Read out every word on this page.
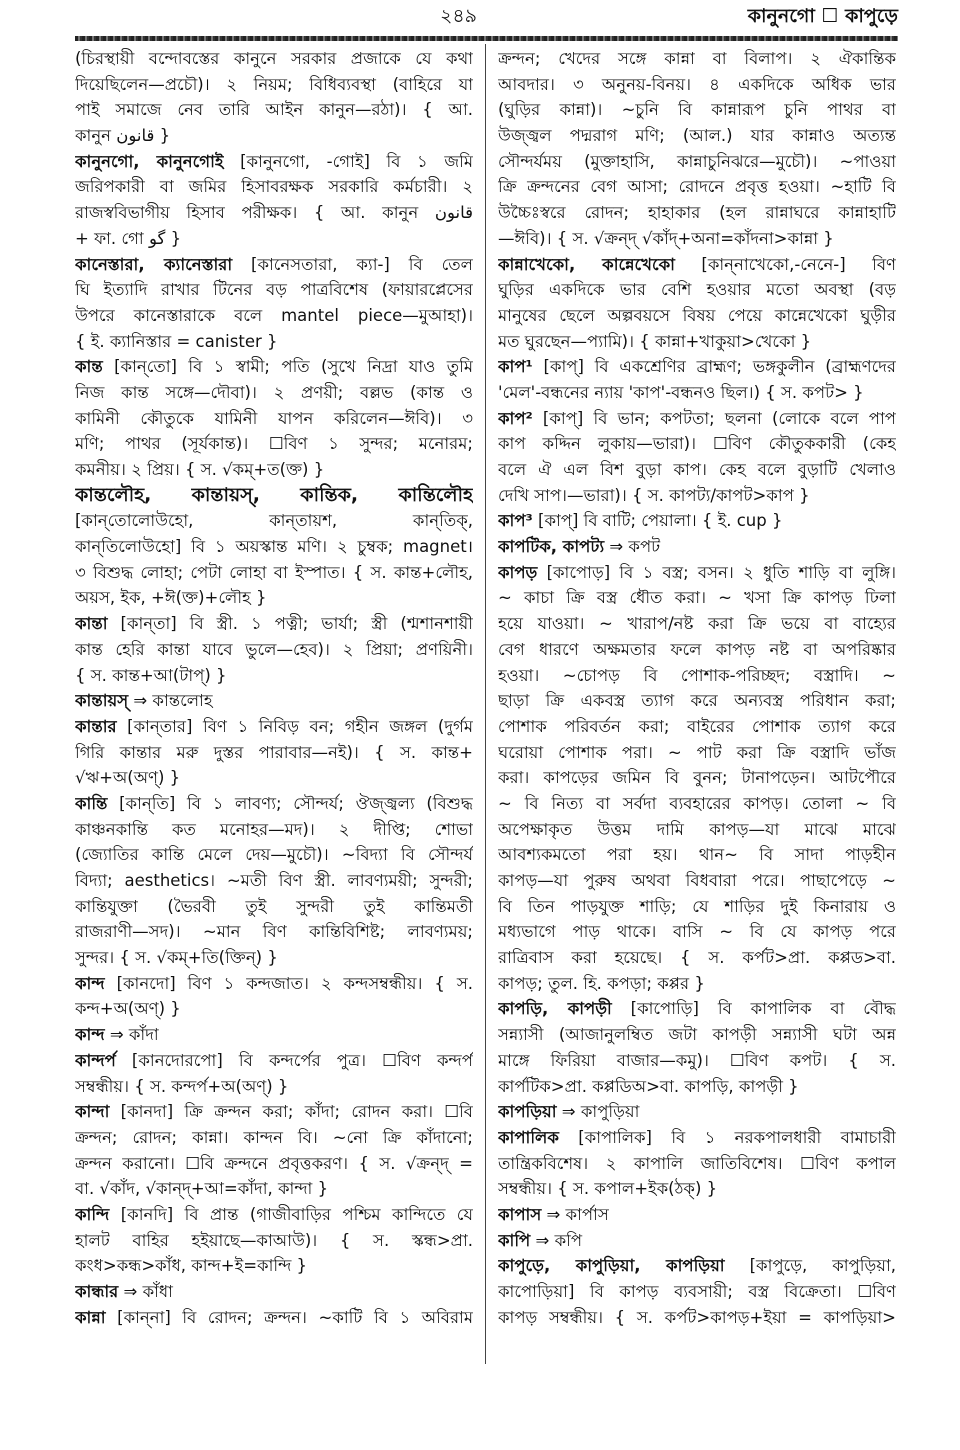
২৪৯	কানুনগো ☐ কাপুড়ে
(চিরস্থায়ী বন্দোবস্তের কানুনে সরকার প্রজাকে যে কথা
দিয়েছিলেন—প্রচৌ)। ২ নিয়ম; বিধিব্যবস্থা (বাহিরে যা
পাই সমাজে নেব তারি আইন কানুন—রঠা)। { আ.
কানুন قانون }
কানুনগো, কানুনগোই [কানুনগো, -গোই] বি ১ জমি
জরিপকারী বা জমির হিসাবরক্ষক সরকারি কর্মচারী। ২
রাজস্ববিভাগীয় হিসাব পরীক্ষক। { আ. কানুন قانون
+ ফা. গো گو }
কানেস্তারা, ক্যানেস্তারা [কানেসতারা, ক্যা-] বি তেল
ঘি ইত্যাদি রাখার টিনের বড় পাত্রবিশেষ (ফায়ারপ্লেসের
উপরে কানেস্তারাকে বলে mantel piece—মুআহা)।
{ ই. ক্যানিস্তার = canister }
কান্ত [কান্‌তো] বি ১ স্বামী; পতি (সুখে নিদ্রা যাও তুমি
নিজ কান্ত সঙ্গে—দৌবা)। ২ প্রণয়ী; বল্লভ (কান্ত ও
কামিনী কৌতুকে যামিনী যাপন করিলেন—ঈবি)। ৩
মণি; পাথর (সূর্যকান্ত)। ☐বিণ ১ সুন্দর; মনোরম;
কমনীয়। ২ প্রিয়। { স. √কম্‌+ত(ক্ত) }
কান্তলৌহ, কান্তায়স্‌, কান্তিক, কান্তিলৌহ
[কান্‌তোলোউহো, কান্‌তায়শ, কান্‌তিক্‌,
কান্‌তিলোউহো] বি ১ অয়স্কান্ত মণি। ২ চুম্বক; magnet।
৩ বিশুদ্ধ লোহা; পেটা লোহা বা ইস্পাত। { স. কান্ত+লৌহ,
অয়স, ইক, +ঈ(ক্ত)+লৌহ }
কান্তা [কান্‌তা] বি স্ত্রী. ১ পত্নী; ভার্যা; স্ত্রী (শ্মশানশায়ী
কান্ত হেরি কান্তা যাবে ভুলে—হেব)। ২ প্রিয়া; প্রণয়িনী।
{ স. কান্ত+আ(টাপ্‌) }
কান্তায়স্‌ ⇒ কান্তলোহ
কান্তার [কান্‌তার] বিণ ১ নিবিড় বন; গহীন জঙ্গল (দুর্গম
গিরি কান্তার মরু দুস্তর পারাবার—নই)। { স. কান্ত+
√ঋ+অ(অণ্‌) }
কান্তি [কান্‌তি] বি ১ লাবণ্য; সৌন্দর্য; ঔজ্জ্বল্য (বিশুদ্ধ
কাঞ্চনকান্তি কত মনোহর—মদ)। ২ দীপ্তি; শোভা
(জ্যোতির কান্তি মেলে দেয়—মুচৌ)। ~বিদ্যা বি সৌন্দর্য
বিদ্যা; aesthetics। ~মতী বিণ স্ত্রী. লাবণ্যময়ী; সুন্দরী;
কান্তিযুক্তা (ভৈরবী তুই সুন্দরী তুই কান্তিমতী
রাজরাণী—সদ)। ~মান বিণ কান্তিবিশিষ্ট; লাবণ্যময়;
সুন্দর। { স. √কম্‌+তি(ক্তিন্‌) }
কান্দ [কানদো] বিণ ১ কন্দজাত। ২ কন্দসম্বন্ধীয়। { স.
কন্দ+অ(অণ্‌) }
কান্দ ⇒ কাঁদা
কান্দর্প [কানদোরপো] বি কন্দর্পের পুত্র। ☐বিণ কন্দর্প
সম্বন্ধীয়। { স. কন্দর্প+অ(অণ্‌) }
কান্দা [কানদা] ক্রি ক্রন্দন করা; কাঁদা; রোদন করা। ☐বি
ক্রন্দন; রোদন; কান্না। কান্দন বি। ~নো ক্রি কাঁদানো;
ক্রন্দন করানো। ☐বি ক্রন্দনে প্রবৃত্তকরণ। { স. √ক্রন্দ্‌ =
বা. √কাঁদ, √কান্দ্‌+আ=কাঁদা, কান্দা }
কান্দি [কানদি] বি প্রান্ত (গাজীবাড়ির পশ্চিম কান্দিতে যে
হালট বাহির হইয়াছে—কাআউ)। { স. স্কন্ধ>প্রা.
কংধ>কন্ধ>কাঁধ, কান্দ+ই=কান্দি }
কান্ধার ⇒ কাঁধা
কান্না [কান্‌না] বি রোদন; ক্রন্দন। ~কাটি বি ১ অবিরাম
ক্রন্দন; খেদের সঙ্গে কান্না বা বিলাপ। ২ ঐকান্তিক
আবদার। ৩ অনুনয়-বিনয়। ৪ একদিকে অধিক ভার
(ঘুড়ির কান্না)। ~চুনি বি কান্নারূপ চুনি পাথর বা
উজ্জ্বল পদ্মরাগ মণি; (আল.) যার কান্নাও অত্যন্ত
সৌন্দর্যময় (মুক্তাহাসি, কান্নাচুনিঝরে—মুচৌ)। ~পাওয়া
ক্রি ক্রন্দনের বেগ আসা; রোদনে প্রবৃত্ত হওয়া। ~হাটি বি
উচ্চৈঃস্বরে রোদন; হাহাকার (হল রান্নাঘরে কান্নাহাটি
—ঈবি)। { স. √ক্রন্দ্‌ √কাঁদ্‌+অনা=কাঁদনা>কান্না }
কান্নাখেকো, কান্নেখেকো [কান্‌নাখেকো,-নেনে-] বিণ
ঘুড়ির একদিকে ভার বেশি হওয়ার মতো অবস্থা (বড়
মানুষের ছেলে অল্পবয়সে বিষয় পেয়ে কান্নেখেকো ঘুড়ীর
মত ঘুরছেন—প্যামি)। { কান্না+খাকুয়া>খেকো }
কাপ¹ [কাপ্‌] বি একশ্রেণির ব্রাহ্মণ; ভঙ্গকুলীন (ব্রাহ্মণদের
'মেল'-বন্ধনের ন্যায় 'কাপ'-বন্ধনও ছিল।) { স. কপট> }
কাপ² [কাপ্‌] বি ভান; কপটতা; ছলনা (লোকে বলে পাপ
কাপ কদ্দিন লুকায়—ভারা)। ☐বিণ কৌতুককারী (কেহ
বলে ঐ এল বিশ বুড়া কাপ। কেহ বলে বুড়াটি খেলাও
দেখি সাপ।—ভারা)। { স. কাপট্য/কাপট>কাপ }
কাপ³ [কাপ্‌] বি বাটি; পেয়ালা। { ই. cup }
কাপটিক, কাপট্য ⇒ কপট
কাপড় [কাপোড়] বি ১ বস্ত্র; বসন। ২ ধুতি শাড়ি বা লুঙ্গি।
~ কাচা ক্রি বস্ত্র ধৌত করা। ~ খসা ক্রি কাপড় ঢিলা
হয়ে যাওয়া। ~ খারাপ/নষ্ট করা ক্রি ভয়ে বা বাহ্যের
বেগ ধারণে অক্ষমতার ফলে কাপড় নষ্ট বা অপরিষ্কার
হওয়া। ~চোপড় বি পোশাক-পরিচ্ছদ; বস্ত্রাদি। ~
ছাড়া ক্রি একবস্ত্র ত্যাগ করে অন্যবস্ত্র পরিধান করা;
পোশাক পরিবর্তন করা; বাইরের পোশাক ত্যাগ করে
ঘরোয়া পোশাক পরা। ~ পাট করা ক্রি বস্ত্রাদি ভাঁজ
করা। কাপড়ের জমিন বি বুনন; টানাপড়েন। আটপৌরে
~ বি নিত্য বা সর্বদা ব্যবহারের কাপড়। তোলা ~ বি
অপেক্ষাকৃত উত্তম দামি কাপড়—যা মাঝে মাঝে
আবশ্যকমতো পরা হয়। থান~ বি সাদা পাড়হীন
কাপড়—যা পুরুষ অথবা বিধবারা পরে। পাছাপেড়ে ~
বি তিন পাড়যুক্ত শাড়ি; যে শাড়ির দুই কিনারায় ও
মধ্যভাগে পাড় থাকে। বাসি ~ বি যে কাপড় পরে
রাত্রিবাস করা হয়েছে। { স. কর্পট>প্রা. কপ্পড>বা.
কাপড়; তুল. হি. কপড়া; কপ্পর }
কাপড়ি, কাপড়ী [কাপোড়ি] বি কাপালিক বা বৌদ্ধ
সন্ন্যাসী (আজানুলম্বিত জটা কাপড়ী সন্ন্যাসী ঘটা অন্ন
মাঙ্গে ফিরিয়া বাজার—কমু)। ☐বিণ কপট। { স.
কার্পটিক>প্রা. কপ্পডিঅ>বা. কাপড়ি, কাপড়ী }
কাপড়িয়া ⇒ কাপুড়িয়া
কাপালিক [কাপালিক] বি ১ নরকপালধারী বামাচারী
তান্ত্রিকবিশেষ। ২ কাপালি জাতিবিশেষ। ☐বিণ কপাল
সম্বন্ধীয়। { স. কপাল+ইক(ঠক্‌) }
কাপাস ⇒ কার্পাস
কাপি ⇒ কপি
কাপুড়ে, কাপুড়িয়া, কাপড়িয়া [কাপুড়ে, কাপুড়িয়া,
কাপোড়িয়া] বি কাপড় ব্যবসায়ী; বস্ত্র বিক্রেতা। ☐বিণ
কাপড় সম্বন্ধীয়। { স. কর্পট>কাপড়+ইয়া = কাপড়িয়া>
